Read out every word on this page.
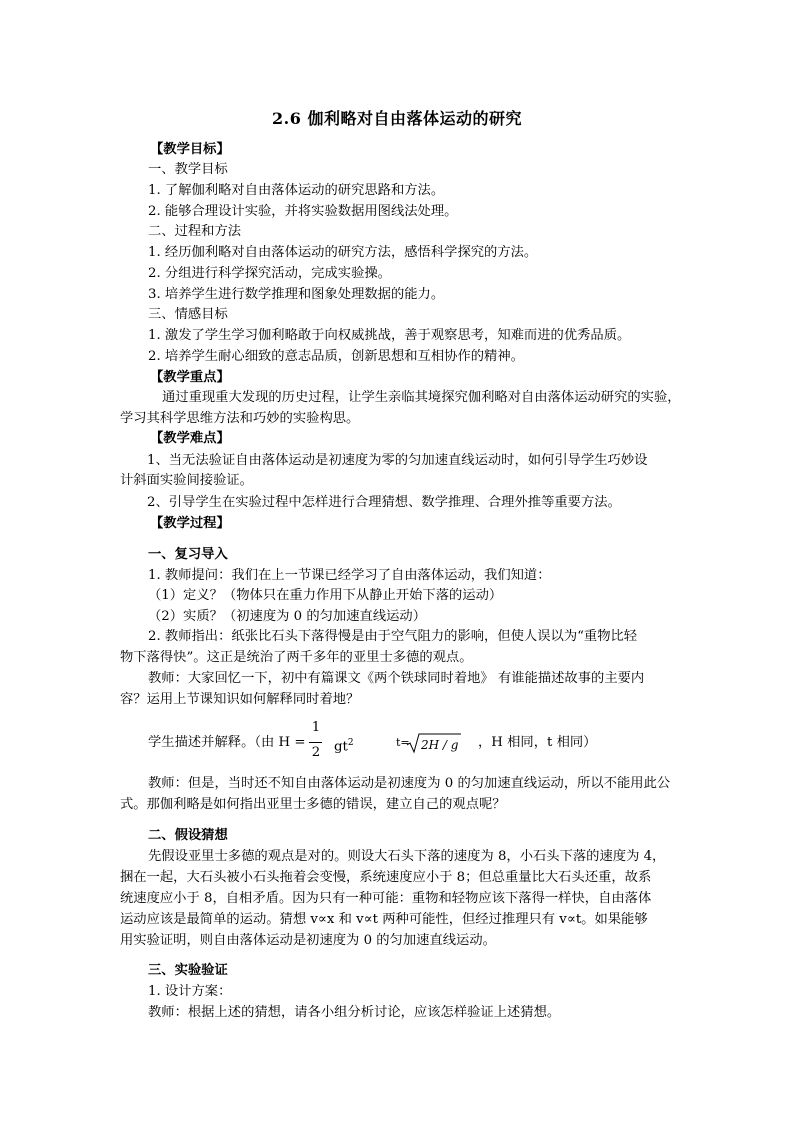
2.6 伽利略对自由落体运动的研究
【教学目标】
一、教学目标
1. 了解伽利略对自由落体运动的研究思路和方法。
2. 能够合理设计实验，并将实验数据用图线法处理。
二、过程和方法
1. 经历伽利略对自由落体运动的研究方法，感悟科学探究的方法。
2. 分组进行科学探究活动，完成实验操。
3. 培养学生进行数学推理和图象处理数据的能力。
三、情感目标
1. 激发了学生学习伽利略敢于向权威挑战，善于观察思考，知难而进的优秀品质。
2. 培养学生耐心细致的意志品质，创新思想和互相协作的精神。
【教学重点】
通过重现重大发现的历史过程，让学生亲临其境探究伽利略对自由落体运动研究的实验，
学习其科学思维方法和巧妙的实验构思。
【教学难点】
1、当无法验证自由落体运动是初速度为零的匀加速直线运动时，如何引导学生巧妙设
计斜面实验间接验证。
2、引导学生在实验过程中怎样进行合理猜想、数学推理、合理外推等重要方法。
【教学过程】
一、复习导入
1. 教师提问：我们在上一节课已经学习了自由落体运动，我们知道：
（1）定义？（物体只在重力作用下从静止开始下落的运动）
（2）实质？（初速度为 0 的匀加速直线运动）
2. 教师指出：纸张比石头下落得慢是由于空气阻力的影响，但使人误以为“重物比轻
物下落得快”。这正是统治了两千多年的亚里士多德的观点。
教师：大家回忆一下，初中有篇课文《两个铁球同时着地》 有谁能描述故事的主要内
容？运用上节课知识如何解释同时着地？
学生描述并解释。（由 H =
1
2 $gt^2$	t= 2H / g ，H 相同，t 相同）
教师：但是，当时还不知自由落体运动是初速度为 0 的匀加速直线运动，所以不能用此公
式。那伽利略是如何指出亚里士多德的错误，建立自己的观点呢？
二、假设猜想
先假设亚里士多德的观点是对的。则设大石头下落的速度为 8，小石头下落的速度为 4，
捆在一起，大石头被小石头拖着会变慢，系统速度应小于 8；但总重量比大石头还重，故系
统速度应小于 8，自相矛盾。因为只有一种可能：重物和轻物应该下落得一样快，自由落体
运动应该是最简单的运动。猜想 v∝x 和 v∝t 两种可能性，但经过推理只有 v∝t。如果能够
用实验证明，则自由落体运动是初速度为 0 的匀加速直线运动。
三、实验验证
1. 设计方案：
教师：根据上述的猜想，请各小组分析讨论，应该怎样验证上述猜想。
